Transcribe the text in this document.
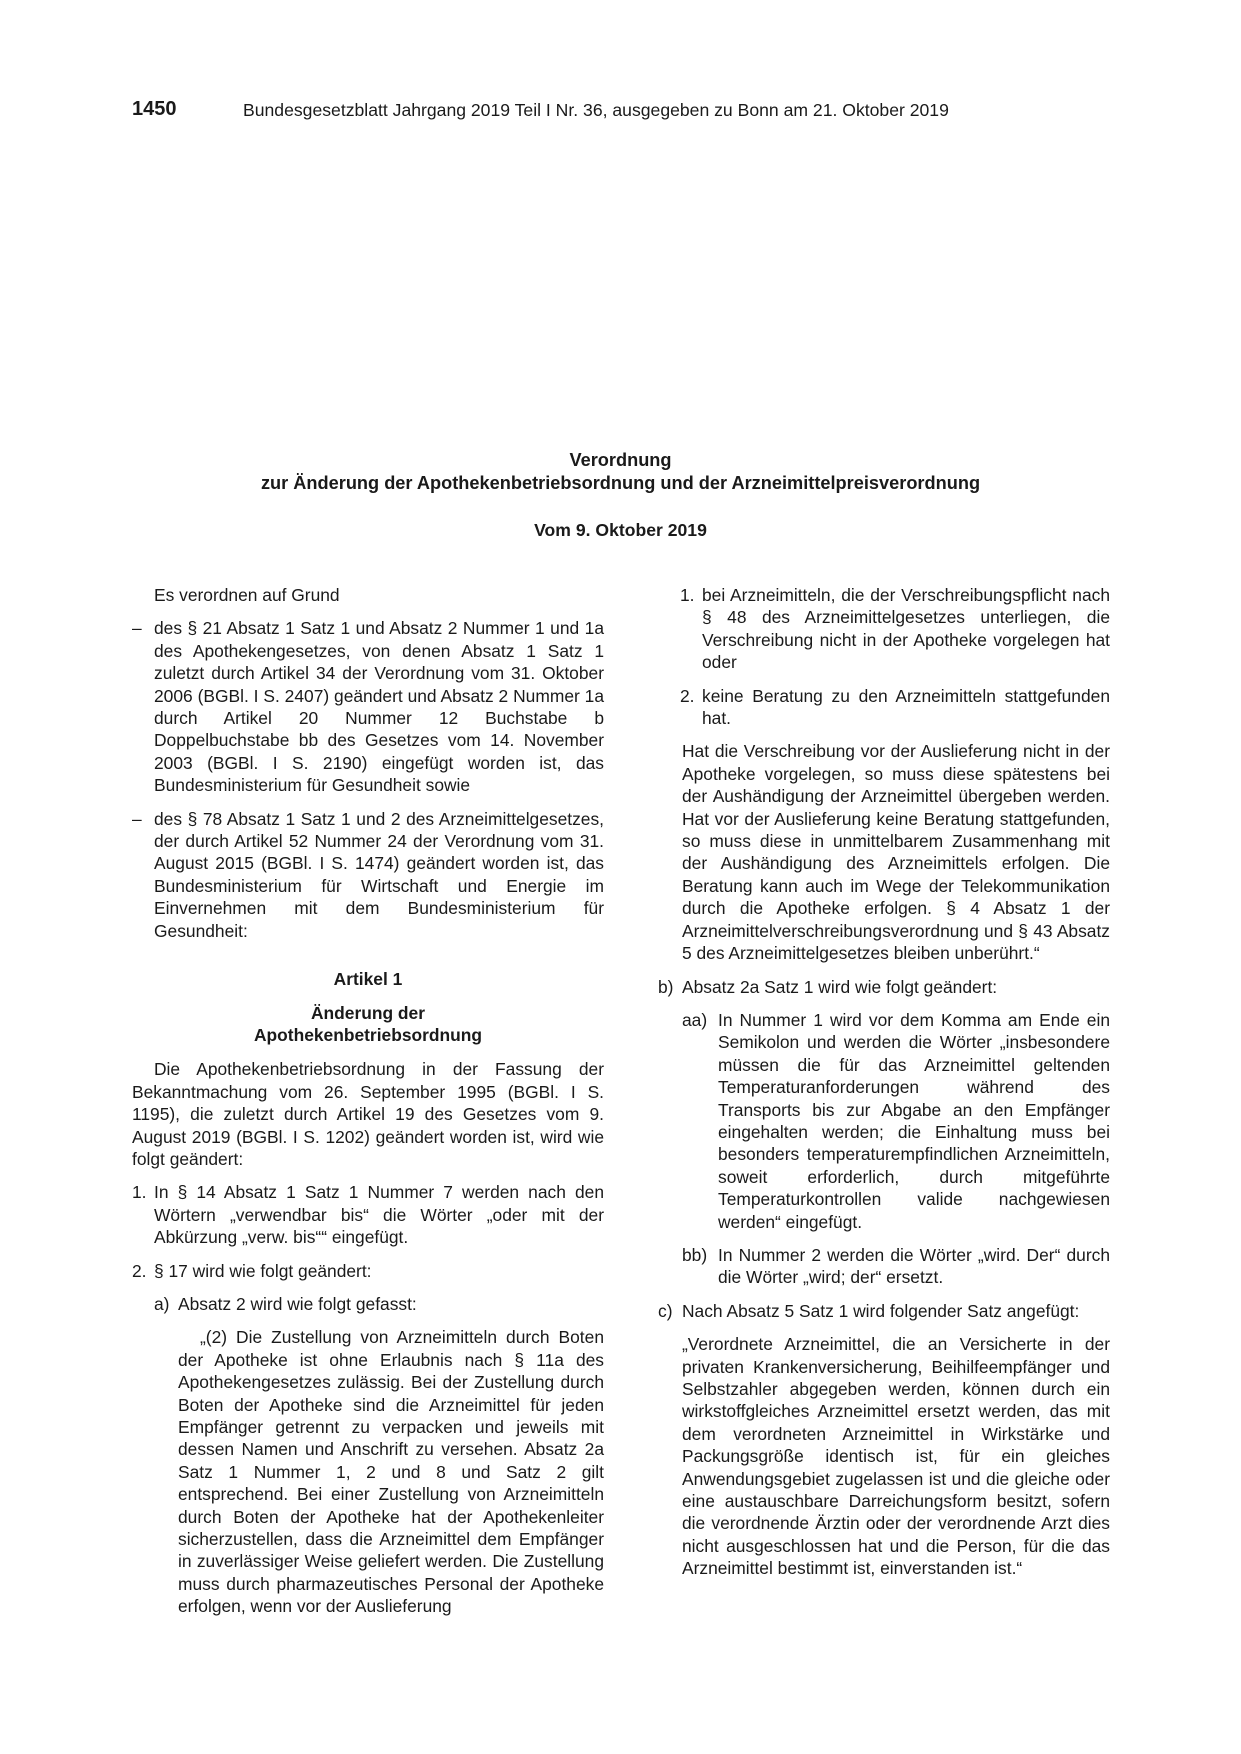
1450	Bundesgesetzblatt Jahrgang 2019 Teil I Nr. 36, ausgegeben zu Bonn am 21. Oktober 2019
Verordnung
zur Änderung der Apothekenbetriebsordnung und der Arzneimittelpreisverordnung
Vom 9. Oktober 2019

Es verordnen auf Grund

– des § 21 Absatz 1 Satz 1 und Absatz 2 Nummer 1 und 1a des Apothekengesetzes, von denen Absatz 1 Satz 1 zuletzt durch Artikel 34 der Verordnung vom 31. Oktober 2006 (BGBl. I S. 2407) geändert und Absatz 2 Nummer 1a durch Artikel 20 Nummer 12 Buchstabe b Doppelbuchstabe bb des Gesetzes vom 14. November 2003 (BGBl. I S. 2190) eingefügt worden ist, das Bundesministerium für Gesundheit sowie
– des § 78 Absatz 1 Satz 1 und 2 des Arzneimittelgesetzes, der durch Artikel 52 Nummer 24 der Verordnung vom 31. August 2015 (BGBl. I S. 1474) geändert worden ist, das Bundesministerium für Wirtschaft und Energie im Einvernehmen mit dem Bundesministerium für Gesundheit:
Artikel 1
Änderung der
Apothekenbetriebsordnung

Die Apothekenbetriebsordnung in der Fassung der Bekanntmachung vom 26. September 1995 (BGBl. I S. 1195), die zuletzt durch Artikel 19 des Gesetzes vom 9. August 2019 (BGBl. I S. 1202) geändert worden ist, wird wie folgt geändert:

1. In § 14 Absatz 1 Satz 1 Nummer 7 werden nach den Wörtern „verwendbar bis“ die Wörter „oder mit der Abkürzung „verw. bis““ eingefügt.
2. § 17 wird wie folgt geändert:
a) Absatz 2 wird wie folgt gefasst:

„(2) Die Zustellung von Arzneimitteln durch Boten der Apotheke ist ohne Erlaubnis nach § 11a des Apothekengesetzes zulässig. Bei der Zustellung durch Boten der Apotheke sind die Arzneimittel für jeden Empfänger getrennt zu verpacken und jeweils mit dessen Namen und Anschrift zu versehen. Absatz 2a Satz 1 Nummer 1, 2 und 8 und Satz 2 gilt entsprechend. Bei einer Zustellung von Arzneimitteln durch Boten der Apotheke hat der Apothekenleiter sicherzustellen, dass die Arzneimittel dem Empfänger in zuverlässiger Weise geliefert werden. Die Zustellung muss durch pharmazeutisches Personal der Apotheke erfolgen, wenn vor der Auslieferung

1. bei Arzneimitteln, die der Verschreibungspflicht nach § 48 des Arzneimittelgesetzes unterliegen, die Verschreibung nicht in der Apotheke vorgelegen hat oder
2. keine Beratung zu den Arzneimitteln stattgefunden hat.

Hat die Verschreibung vor der Auslieferung nicht in der Apotheke vorgelegen, so muss diese spätestens bei der Aushändigung der Arzneimittel übergeben werden. Hat vor der Auslieferung keine Beratung stattgefunden, so muss diese in unmittelbarem Zusammenhang mit der Aushändigung des Arzneimittels erfolgen. Die Beratung kann auch im Wege der Telekommunikation durch die Apotheke erfolgen. § 4 Absatz 1 der Arzneimittelverschreibungsverordnung und § 43 Absatz 5 des Arzneimittelgesetzes bleiben unberührt.“

b) Absatz 2a Satz 1 wird wie folgt geändert:
aa) In Nummer 1 wird vor dem Komma am Ende ein Semikolon und werden die Wörter „insbesondere müssen die für das Arzneimittel geltenden Temperaturanforderungen während des Transports bis zur Abgabe an den Empfänger eingehalten werden; die Einhaltung muss bei besonders temperaturempfindlichen Arzneimitteln, soweit erforderlich, durch mitgeführte Temperaturkontrollen valide nachgewiesen werden“ eingefügt.
bb) In Nummer 2 werden die Wörter „wird. Der“ durch die Wörter „wird; der“ ersetzt.
c) Nach Absatz 5 Satz 1 wird folgender Satz angefügt:

„Verordnete Arzneimittel, die an Versicherte in der privaten Krankenversicherung, Beihilfeempfänger und Selbstzahler abgegeben werden, können durch ein wirkstoffgleiches Arzneimittel ersetzt werden, das mit dem verordneten Arzneimittel in Wirkstärke und Packungsgröße identisch ist, für ein gleiches Anwendungsgebiet zugelassen ist und die gleiche oder eine austauschbare Darreichungsform besitzt, sofern die verordnende Ärztin oder der verordnende Arzt dies nicht ausgeschlossen hat und die Person, für die das Arzneimittel bestimmt ist, einverstanden ist.“
